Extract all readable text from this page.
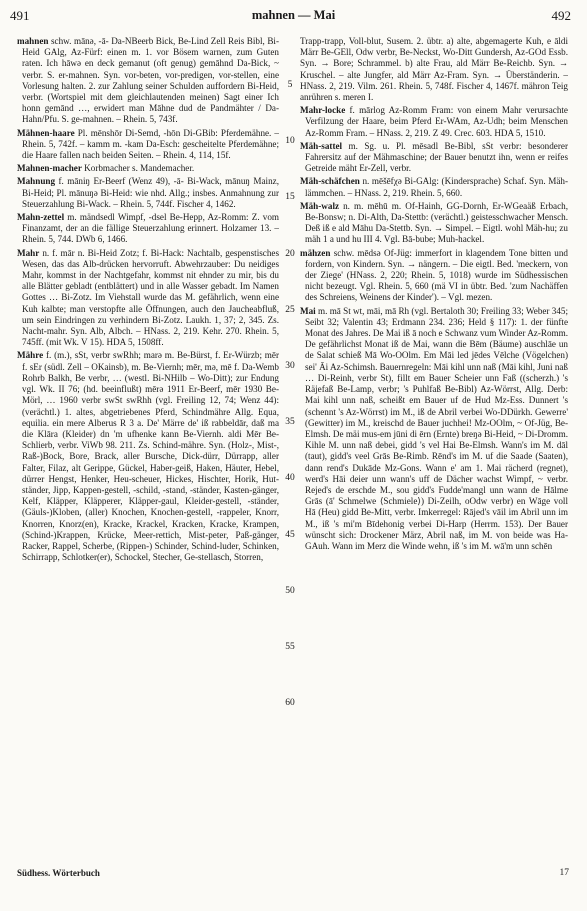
491	mahnen — Mai	492

mahnen schw. mānǝ, -ā- Da-NBeerb Bick, Be-Lind Zell Reis Bibl, Bi-Heid GAlg, Az-Fürf: einen m. 1. vor Bösem warnen, zum Guten raten. Ich hāwǝ en deck gemanut (oft genug) gemāhnd Da-Bick, ~ verbr. S. er-mahnen. Syn. vor-beten, vor-predigen, vor-stellen, eine Vorlesung halten. 2. zur Zahlung seiner Schulden auffordern Bi-Heid, verbr. (Wortspiel mit dem gleichlautenden meinen) Sagt einer Ich honn gemānd …, erwidert man Māhne dud de Pandmähter / Da-Hahn/Pfu. S. ge-mahnen. – Rhein. 5, 743f.

Mähnen-haare Pl. mēnshōr Di-Semd, -hōn Di-GBib: Pferdemähne. – Rhein. 5, 742f. – kamm m. -kam Da-Esch: gescheitelte Pferdemähne; die Haare fallen nach beiden Seiten. – Rhein. 4, 114, 15f.

Mahnen-macher Korbmacher s. Mandemacher.

Mahnung f. māniŋ Er-Beerf (Wenz 49), -ā- Bi-Wack, mānuŋ Mainz, Bi-Heid; Pl. mānuŋǝ Bi-Heid: wie nhd. Allg.; insbes. Anmahnung zur Steuerzahlung Bi-Wack. – Rhein. 5, 744f. Fischer 4, 1462.

Mahn-zettel m. mändsedl Wimpf, -dsel Be-Hepp, Az-Romm: Z. vom Finanzamt, der an die fällige Steuerzahlung erinnert. Holzamer 13. – Rhein. 5, 744. DWb 6, 1466.

Mahr n. f. mār n. Bi-Heid Zotz; f. Bi-Hack: Nachtalb, gespenstisches Wesen, das das Alb-drücken hervorruft. Abwehrzauber: Du neidiges Mahr, kommst in der Nachtgefahr, kommst nit ehnder zu mir, bis du alle Blätter gebladt (entblättert) und in alle Wasser gebadt. Im Namen Gottes … Bi-Zotz. Im Viehstall wurde das M. gefährlich, wenn eine Kuh kalbte; man verstopfte alle Öffnungen, auch den Jaucheabfluß, um sein Eindringen zu verhindern Bi-Zotz. Laukh. 1, 37; 2, 345. Zs. Nacht-mahr. Syn. Alb, Albch. – HNass. 2, 219. Kehr. 270. Rhein. 5, 745ff. (mit Wk. V 15). HDA 5, 1508ff.

Mähre f. (m.), sSt, verbr swRhh; marǝ m. Be-Bürst, f. Er-Würzb; mēr f. sEr (südl. Zell – OKainsb), m. Be-Viernh; mēr, mǝ, mē f. Da-Wemb Rohrb Balkh, Be verbr, … (westl. Bi-NHilb – Wo-Ditt); zur Endung vgl. Wk. II 76; (hd. beeinflußt) mērǝ 1911 Er-Beerf, mēr 1930 Be-Mörl, … 1960 verbr swSt swRhh (vgl. Freiling 12, 74; Wenz 44): (verächtl.) 1. altes, abgetriebenes Pferd, Schindmähre Allg. Equa, equilia. ein mere Alberus R 3 a. De' Märre de' iß rabbeldār, daß ma die Klāra (Kleider) dn 'm ufhenke kann Be-Viernh. aldi Mēr Be-Schlierb, verbr. ViWb 98. 211. Zs. Schind-mähre. Syn. (Holz-, Mist-, Raß-)Bock, Bore, Brack, aller Bursche, Dick-dürr, Dürrapp, aller Falter, Filaz, alt Gerippe, Gückel, Haber-geiß, Haken, Häuter, Hebel, dürrer Hengst, Henker, Heu-scheuer, Hickes, Hischter, Horik, Hut-ständer, Jipp, Kappen-gestell, -schild, -stand, -ständer, Kasten-gänger, Kelf, Kläpper, Kläpperer, Kläpper-gaul, Kleider-gestell, -ständer, (Gäuls-)Kloben, (aller) Knochen, Knochen-gestell, -rappeler, Knorr, Knorren, Knorz(en), Kracke, Krackel, Kracken, Kracke, Krampen, (Schind-)Krappen, Krücke, Meer-rettich, Mist-peter, Paß-gänger, Racker, Rappel, Scherbe, (Rippen-) Schinder, Schind-luder, Schinken, Schirrapp, Schlotker(er), Schockel, Stecher, Ge-stellasch, Storren,

5
10
15
20
25
30
35
40
45
50
55
60

Trapp-trapp, Voll-blut, Susem. 2. übtr. a) alte, abgemagerte Kuh, e āldi Märr Be-GEll, Odw verbr, Be-Neckst, Wo-Ditt Gundersh, Az-GOd Essb. Syn. → Bore; Schrammel. b) alte Frau, ald Märr Be-Reichb. Syn. → Kruschel. – alte Jungfer, ald Märr Az-Fram. Syn. → Überständerin. – HNass. 2, 219. Vilm. 261. Rhein. 5, 748f. Fischer 4, 1467f. mähron Teig anrühren s. meren I.

Mahr-locke f. mārlog Az-Romm Fram: von einem Mahr verursachte Verfilzung der Haare, beim Pferd Er-WAm, Az-Udh; beim Menschen Az-Romm Fram. – HNass. 2, 219. Z 49. Crec. 603. HDA 5, 1510.

Mäh-sattel m. Sg. u. Pl. mēsadl Be-Bibl, sSt verbr: besonderer Fahrersitz auf der Mähmaschine; der Bauer benutzt ihn, wenn er reifes Getreide mäht Er-Zell, verbr.

Mäh-schäfchen n. mēšēfχǝ Bi-GAlg: (Kindersprache) Schaf. Syn. Mäh-lämmchen. – HNass. 2, 219. Rhein. 5, 660.

Mäh-walz n. m. mēhū m. Of-Hainh, GG-Dornh, Er-WGeaäß Erbach, Be-Bonsw; n. Di-Alth, Da-Stettb: (verächtl.) geistesschwacher Mensch. Deß iß e ald Māhu Da-Stettb. Syn. → Simpel. – Eigtl. wohl Mäh-hu; zu mäh 1 a und hu III 4. Vgl. Bā-bube; Muh-hackel.

mähzen schw. mēdsǝ Of-Jüg: immerfort in klagendem Tone bitten und fordern, von Kindern. Syn. → nängern. – Die eigtl. Bed. 'meckern, von der Ziege' (HNass. 2, 220; Rhein. 5, 1018) wurde im Südhessischen nicht bezeugt. Vgl. Rhein. 5, 660 (mä VI in übtr. Bed. 'zum Nachäffen des Schreiens, Weinens der Kinder'). – Vgl. mezen.

Mai m. mā St wt, māi, mā Rh (vgl. Bertaloth 30; Freiling 33; Weber 345; Seibt 32; Valentin 43; Erdmann 234. 236; Held § 117): 1. der fünfte Monat des Jahres. De Mai iß ā noch e Schwanz vum Winder Az-Romm. De gefährlichst Monat iß de Mai, wann die Bēm (Bäume) auschlāe un de Salat schieß Mā Wo-OOlm. Em Māi led jēdes Vēlche (Vögelchen) sei' Āi Az-Schimsh. Bauernregeln: Māi kihl unn naß (Māi kihl, Juni naß … Di-Reinh, verbr St), fillt em Bauer Scheier unn Faß ((scherzh.) 's Räjefaß Be-Lamp, verbr; 's Puhlfaß Be-Bibl) Az-Wörrst, Allg. Derb: Mai kihl unn naß, scheißt em Bauer uf de Hud Mz-Ess. Dunnert 's (schennt 's Az-Wörrst) im M., iß de Abril verbei Wo-DDürkh. Gewerre' (Gewitter) im M., kreischd de Bauer juchhei! Mz-OOlm, ~ Of-Jüg, Be-Elmsh. De mäi mus-em jūni di ērn (Ernte) breŋǝ Bi-Heid, ~ Di-Dromm. Kihle M. unn naß debei, gidd 's vel Hai Be-Elmsh. Wann's im M. dāl (taut), gidd's veel Grās Be-Rimb. Rēnd's im M. uf die Saade (Saaten), dann rend's Dukāde Mz-Gons. Wann e' am 1. Mai rächerd (regnet), werd's Hāi deier unn wann's uff de Dächer wachst Wimpf, ~ verbr. Rejed's de erschde M., sou gidd's Fudde'mangl unn wann de Hālme Grās (ā' Schmelwe ⟨Schmiele⟩) Di-Zeilh, oOdw verbr) en Wāge voll Hā (Heu) gidd Be-Mitt, verbr. Imkerregel: Rājed's vāil im Abril unn im M., iß 's mi'm Bīdehonig verbei Di-Harp (Herrm. 153). Der Bauer wünscht sich: Drockener März, Abril naß, im M. von beide was Ha-GAuh. Wann im Merz die Winde wehn, iß 's im M. wā'm unn schēn

Südhess. Wörterbuch	17
